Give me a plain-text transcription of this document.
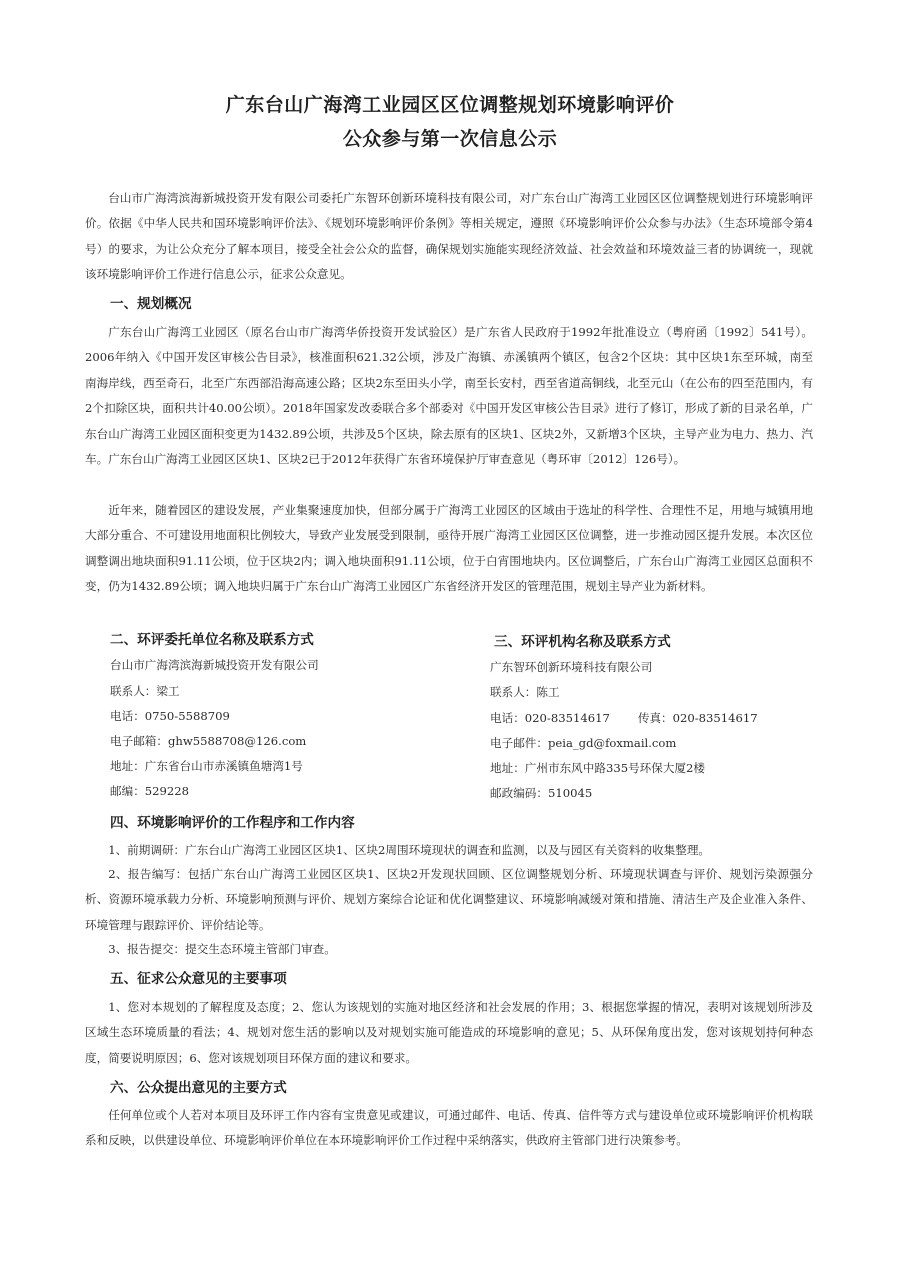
广东台山广海湾工业园区区位调整规划环境影响评价
公众参与第一次信息公示

台山市广海湾滨海新城投资开发有限公司委托广东智环创新环境科技有限公司，对广东台山广海湾工业园区区位调整规划进行环境影响评价。依据《中华人民共和国环境影响评价法》、《规划环境影响评价条例》等相关规定，遵照《环境影响评价公众参与办法》（生态环境部令第4号）的要求，为让公众充分了解本项目，接受全社会公众的监督，确保规划实施能实现经济效益、社会效益和环境效益三者的协调统一，现就该环境影响评价工作进行信息公示，征求公众意见。

一、规划概况

广东台山广海湾工业园区（原名台山市广海湾华侨投资开发试验区）是广东省人民政府于1992年批准设立（粤府函〔1992〕541号）。2006年纳入《中国开发区审核公告目录》，核准面积621.32公顷，涉及广海镇、赤溪镇两个镇区，包含2个区块：其中区块1东至环城，南至南海岸线，西至奇石，北至广东西部沿海高速公路；区块2东至田头小学，南至长安村，西至省道高铜线，北至元山（在公布的四至范围内，有2个扣除区块，面积共计40.00公顷）。2018年国家发改委联合多个部委对《中国开发区审核公告目录》进行了修订，形成了新的目录名单，广东台山广海湾工业园区面积变更为1432.89公顷，共涉及5个区块，除去原有的区块1、区块2外，又新增3个区块，主导产业为电力、热力、汽车。广东台山广海湾工业园区区块1、区块2已于2012年获得广东省环境保护厅审查意见（粤环审〔2012〕126号）。

近年来，随着园区的建设发展，产业集聚速度加快，但部分属于广海湾工业园区的区域由于选址的科学性、合理性不足，用地与城镇用地大部分重合、不可建设用地面积比例较大，导致产业发展受到限制，亟待开展广海湾工业园区区位调整，进一步推动园区提升发展。本次区位调整调出地块面积91.11公顷，位于区块2内；调入地块面积91.11公顷，位于白宵围地块内。区位调整后，广东台山广海湾工业园区总面积不变，仍为1432.89公顷；调入地块归属于广东台山广海湾工业园区广东省经济开发区的管理范围，规划主导产业为新材料。

二、环评委托单位名称及联系方式
台山市广海湾滨海新城投资开发有限公司
联系人：梁工
电话：0750-5588709
电子邮箱：ghw5588708@126.com
地址：广东省台山市赤溪镇鱼塘湾1号
邮编：529228
三、环评机构名称及联系方式
广东智环创新环境科技有限公司
联系人：陈工
电话：020-83514617 传真：020-83514617
电子邮件：peia_gd@foxmail.com
地址：广州市东风中路335号环保大厦2楼
邮政编码：510045
四、环境影响评价的工作程序和工作内容

1、前期调研：广东台山广海湾工业园区区块1、区块2周围环境现状的调查和监测，以及与园区有关资料的收集整理。

2、报告编写：包括广东台山广海湾工业园区区块1、区块2开发现状回顾、区位调整规划分析、环境现状调查与评价、规划污染源强分析、资源环境承载力分析、环境影响预测与评价、规划方案综合论证和优化调整建议、环境影响减缓对策和措施、清洁生产及企业准入条件、环境管理与跟踪评价、评价结论等。

3、报告提交：提交生态环境主管部门审查。

五、征求公众意见的主要事项

1、您对本规划的了解程度及态度；2、您认为该规划的实施对地区经济和社会发展的作用；3、根据您掌握的情况，表明对该规划所涉及区域生态环境质量的看法；4、规划对您生活的影响以及对规划实施可能造成的环境影响的意见；5、从环保角度出发，您对该规划持何种态度，简要说明原因；6、您对该规划项目环保方面的建议和要求。

六、公众提出意见的主要方式

任何单位或个人若对本项目及环评工作内容有宝贵意见或建议，可通过邮件、电话、传真、信件等方式与建设单位或环境影响评价机构联系和反映，以供建设单位、环境影响评价单位在本环境影响评价工作过程中采纳落实，供政府主管部门进行决策参考。
